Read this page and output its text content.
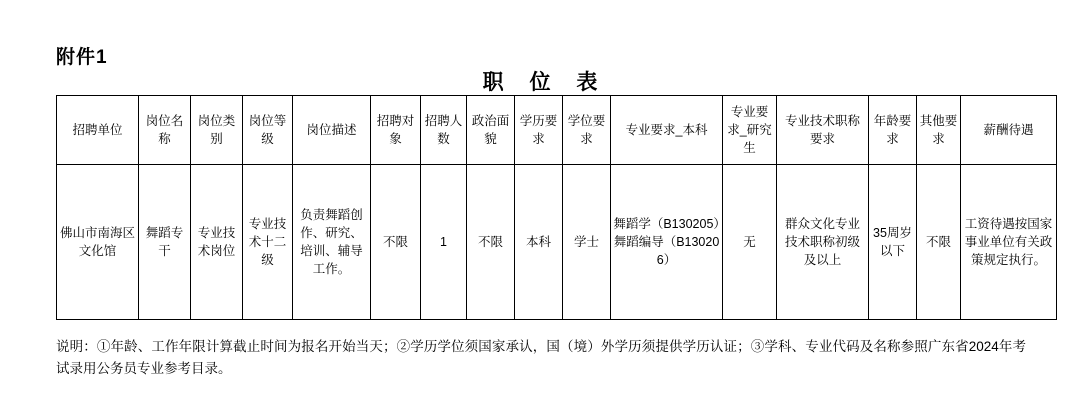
附件1
职 位 表
招聘单位	岗位名称	岗位类别	岗位等级	岗位描述	招聘对象	招聘人数	政治面貌	学历要求	学位要求	专业要求_本科	专业要求_研究生	专业技术职称要求	年龄要求	其他要求	薪酬待遇
佛山市南海区文化馆	舞蹈专干	专业技术岗位	专业技术十二级	负责舞蹈创作、研究、培训、辅导工作。	不限	1	不限	本科	学士	舞蹈学（B130205）舞蹈编导（B130206）	无	群众文化专业技术职称初级及以上	35周岁以下	不限	工资待遇按国家事业单位有关政策规定执行。
说明：①年龄、工作年限计算截止时间为报名开始当天；②学历学位须国家承认，国（境）外学历须提供学历认证；③学科、专业代码及名称参照广东省2024年考试录用公务员专业参考目录。
